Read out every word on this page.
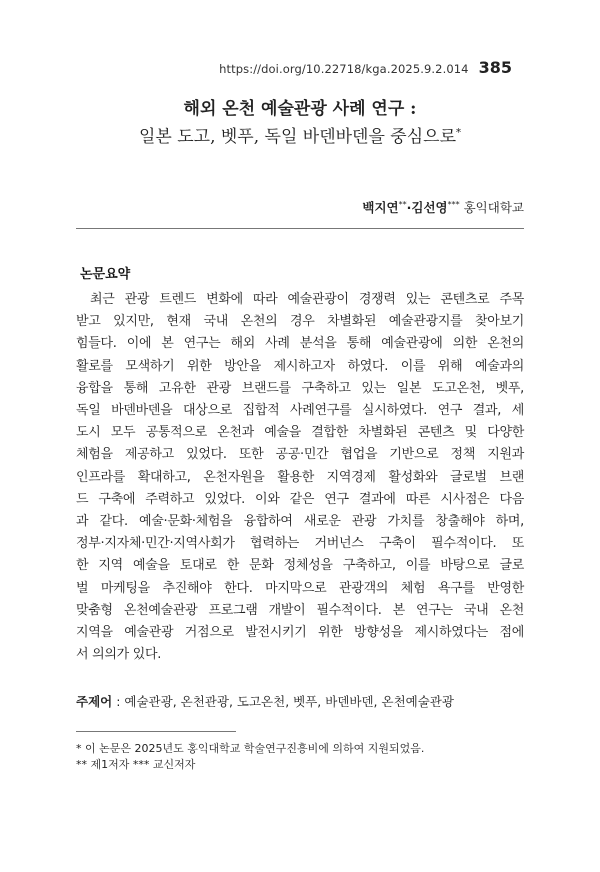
https://doi.org/10.22718/kga.2025.9.2.014 385
해외 온천 예술관광 사례 연구 :
일본 도고, 벳푸, 독일 바덴바덴을 중심으로*
백지연**·김선영*** 홍익대학교
논문요약
최근 관광 트렌드 변화에 따라 예술관광이 경쟁력 있는 콘텐츠로 주목
받고 있지만, 현재 국내 온천의 경우 차별화된 예술관광지를 찾아보기
힘들다. 이에 본 연구는 해외 사례 분석을 통해 예술관광에 의한 온천의
활로를 모색하기 위한 방안을 제시하고자 하였다. 이를 위해 예술과의
융합을 통해 고유한 관광 브랜드를 구축하고 있는 일본 도고온천, 벳푸,
독일 바덴바덴을 대상으로 집합적 사례연구를 실시하였다. 연구 결과, 세
도시 모두 공통적으로 온천과 예술을 결합한 차별화된 콘텐츠 및 다양한
체험을 제공하고 있었다. 또한 공공·민간 협업을 기반으로 정책 지원과
인프라를 확대하고, 온천자원을 활용한 지역경제 활성화와 글로벌 브랜
드 구축에 주력하고 있었다. 이와 같은 연구 결과에 따른 시사점은 다음
과 같다. 예술·문화·체험을 융합하여 새로운 관광 가치를 창출해야 하며,
정부·지자체·민간·지역사회가 협력하는 거버넌스 구축이 필수적이다. 또
한 지역 예술을 토대로 한 문화 정체성을 구축하고, 이를 바탕으로 글로
벌 마케팅을 추진해야 한다. 마지막으로 관광객의 체험 욕구를 반영한
맞춤형 온천예술관광 프로그램 개발이 필수적이다. 본 연구는 국내 온천
지역을 예술관광 거점으로 발전시키기 위한 방향성을 제시하였다는 점에
서 의의가 있다.
주제어 : 예술관광, 온천관광, 도고온천, 벳푸, 바덴바덴, 온천예술관광
* 이 논문은 2025년도 홍익대학교 학술연구진흥비에 의하여 지원되었음.
** 제1저자 *** 교신저자
